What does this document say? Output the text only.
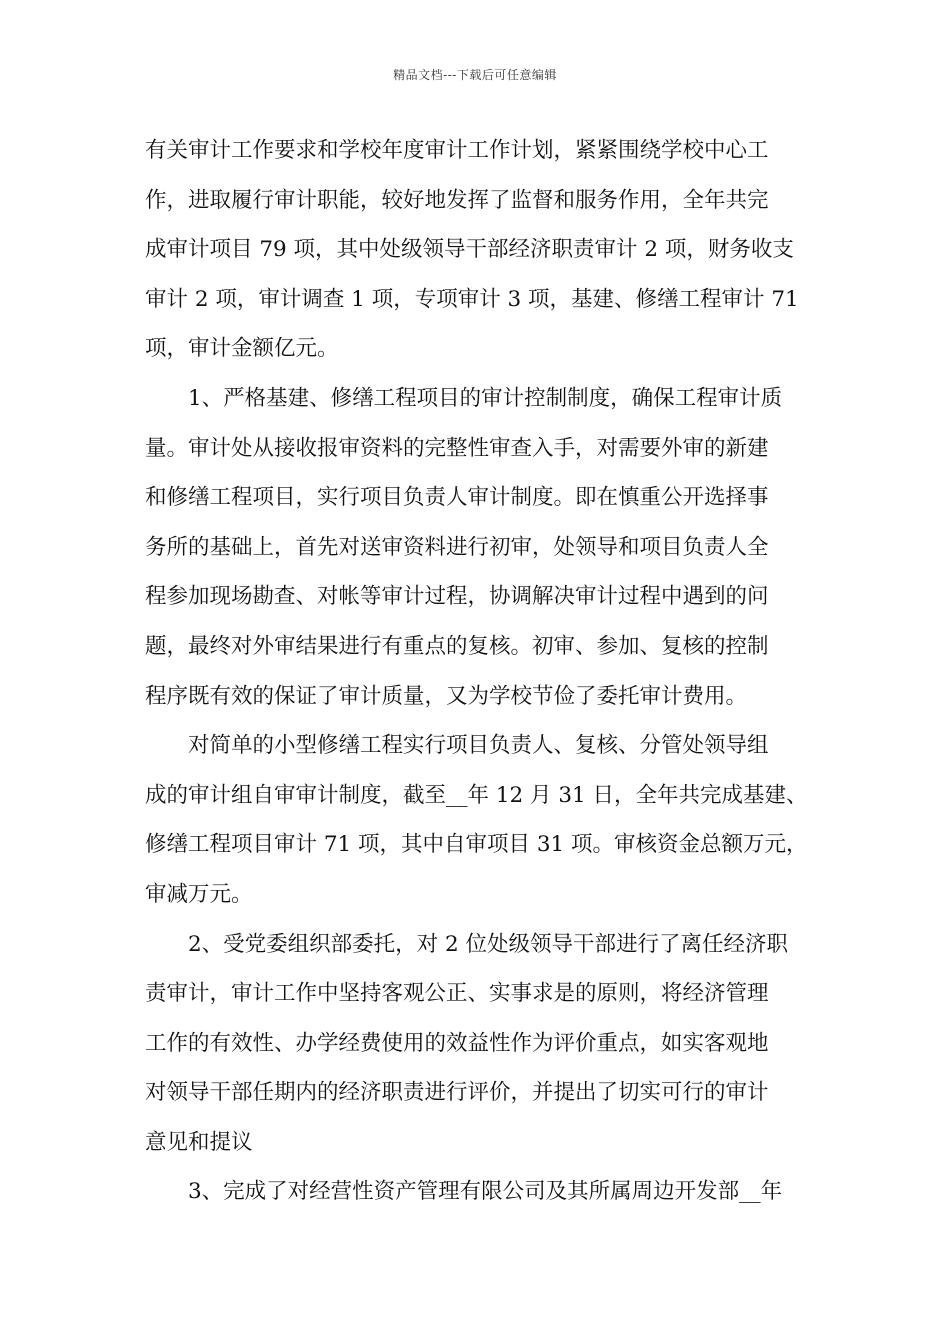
精品文档---下载后可任意编辑
有关审计工作要求和学校年度审计工作计划，紧紧围绕学校中心工
作，进取履行审计职能，较好地发挥了监督和服务作用，全年共完
成审计项目 79 项，其中处级领导干部经济职责审计 2 项，财务收支
审计 2 项，审计调查 1 项，专项审计 3 项，基建、修缮工程审计 71
项，审计金额亿元。
　　1、严格基建、修缮工程项目的审计控制制度，确保工程审计质
量。审计处从接收报审资料的完整性审查入手，对需要外审的新建
和修缮工程项目，实行项目负责人审计制度。即在慎重公开选择事
务所的基础上，首先对送审资料进行初审，处领导和项目负责人全
程参加现场勘查、对帐等审计过程，协调解决审计过程中遇到的问
题，最终对外审结果进行有重点的复核。初审、参加、复核的控制
程序既有效的保证了审计质量，又为学校节俭了委托审计费用。
　　对简单的小型修缮工程实行项目负责人、复核、分管处领导组
成的审计组自审审计制度，截至__年 12 月 31 日，全年共完成基建、
修缮工程项目审计 71 项，其中自审项目 31 项。审核资金总额万元，
审减万元。
　　2、受党委组织部委托，对 2 位处级领导干部进行了离任经济职
责审计，审计工作中坚持客观公正、实事求是的原则，将经济管理
工作的有效性、办学经费使用的效益性作为评价重点，如实客观地
对领导干部任期内的经济职责进行评价，并提出了切实可行的审计
意见和提议
　　3、完成了对经营性资产管理有限公司及其所属周边开发部__年
